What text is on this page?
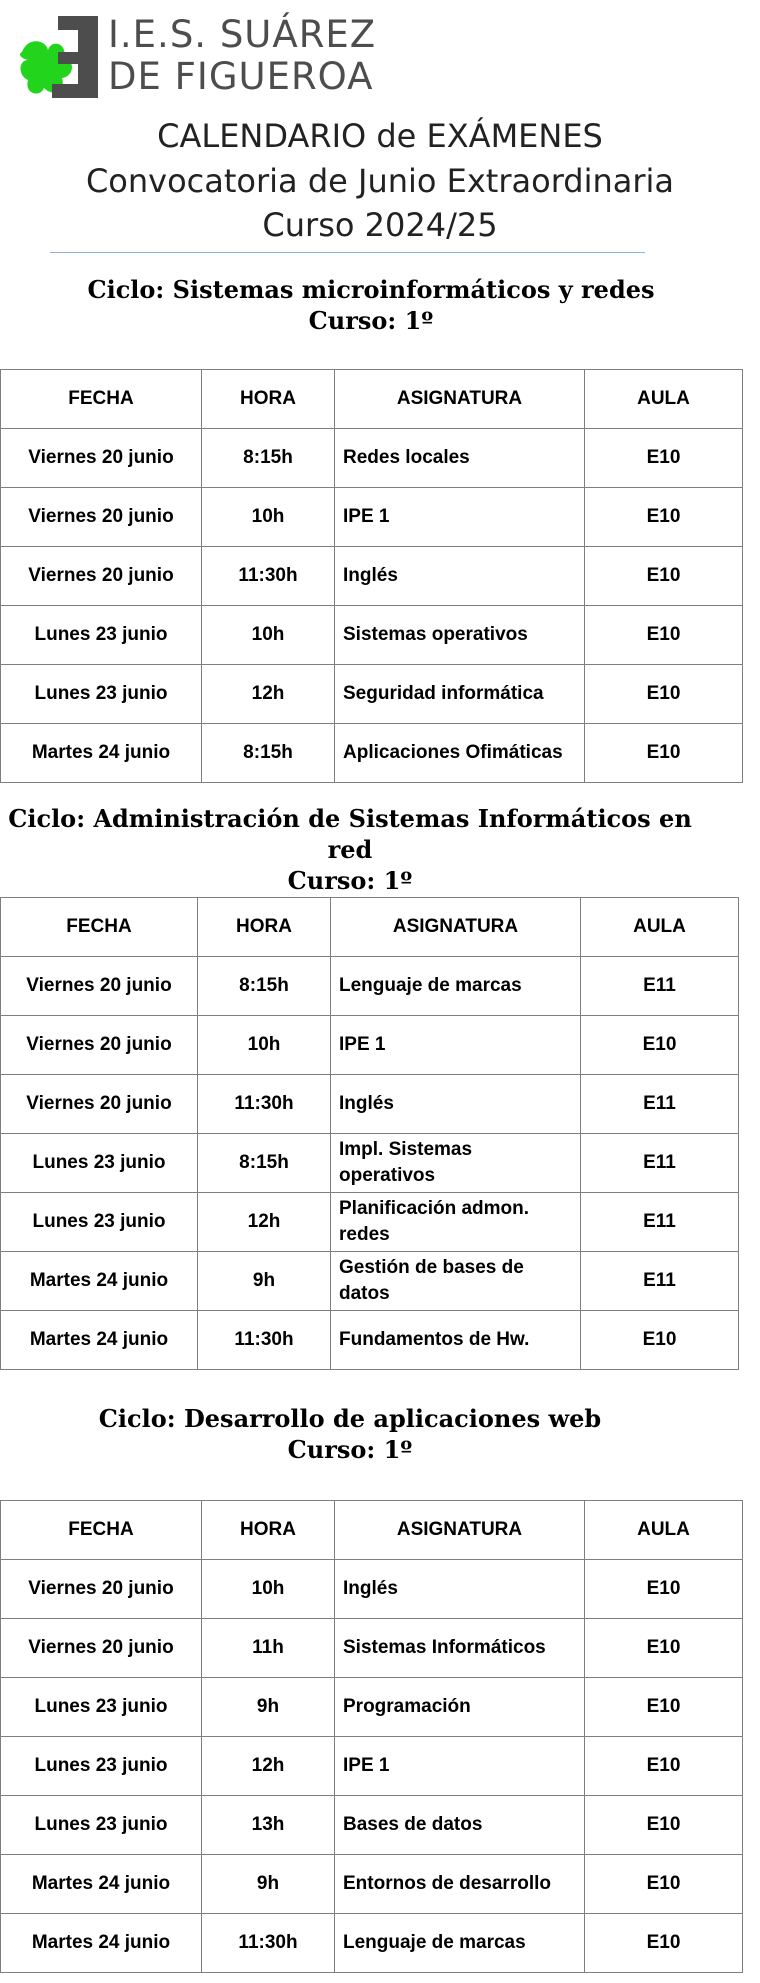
I.E.S. SUÁREZ
DE FIGUEROA
CALENDARIO de EXÁMENES
Convocatoria de Junio Extraordinaria
Curso 2024/25
Ciclo: Sistemas microinformáticos y redes
Curso: 1º
FECHA	HORA	ASIGNATURA	AULA
Viernes 20 junio	8:15h	Redes locales	E10
Viernes 20 junio	10h	IPE 1	E10
Viernes 20 junio	11:30h	Inglés	E10
Lunes 23 junio	10h	Sistemas operativos	E10
Lunes 23 junio	12h	Seguridad informática	E10
Martes 24 junio	8:15h	Aplicaciones Ofimáticas	E10
Ciclo: Administración de Sistemas Informáticos en red
Curso: 1º
FECHA	HORA	ASIGNATURA	AULA
Viernes 20 junio	8:15h	Lenguaje de marcas	E11
Viernes 20 junio	10h	IPE 1	E10
Viernes 20 junio	11:30h	Inglés	E11
Lunes 23 junio	8:15h	Impl. Sistemas operativos	E11
Lunes 23 junio	12h	Planificación admon. redes	E11
Martes 24 junio	9h	Gestión de bases de datos	E11
Martes 24 junio	11:30h	Fundamentos de Hw.	E10
Ciclo: Desarrollo de aplicaciones web
Curso: 1º
FECHA	HORA	ASIGNATURA	AULA
Viernes 20 junio	10h	Inglés	E10
Viernes 20 junio	11h	Sistemas Informáticos	E10
Lunes 23 junio	9h	Programación	E10
Lunes 23 junio	12h	IPE 1	E10
Lunes 23 junio	13h	Bases de datos	E10
Martes 24 junio	9h	Entornos de desarrollo	E10
Martes 24 junio	11:30h	Lenguaje de marcas	E10
